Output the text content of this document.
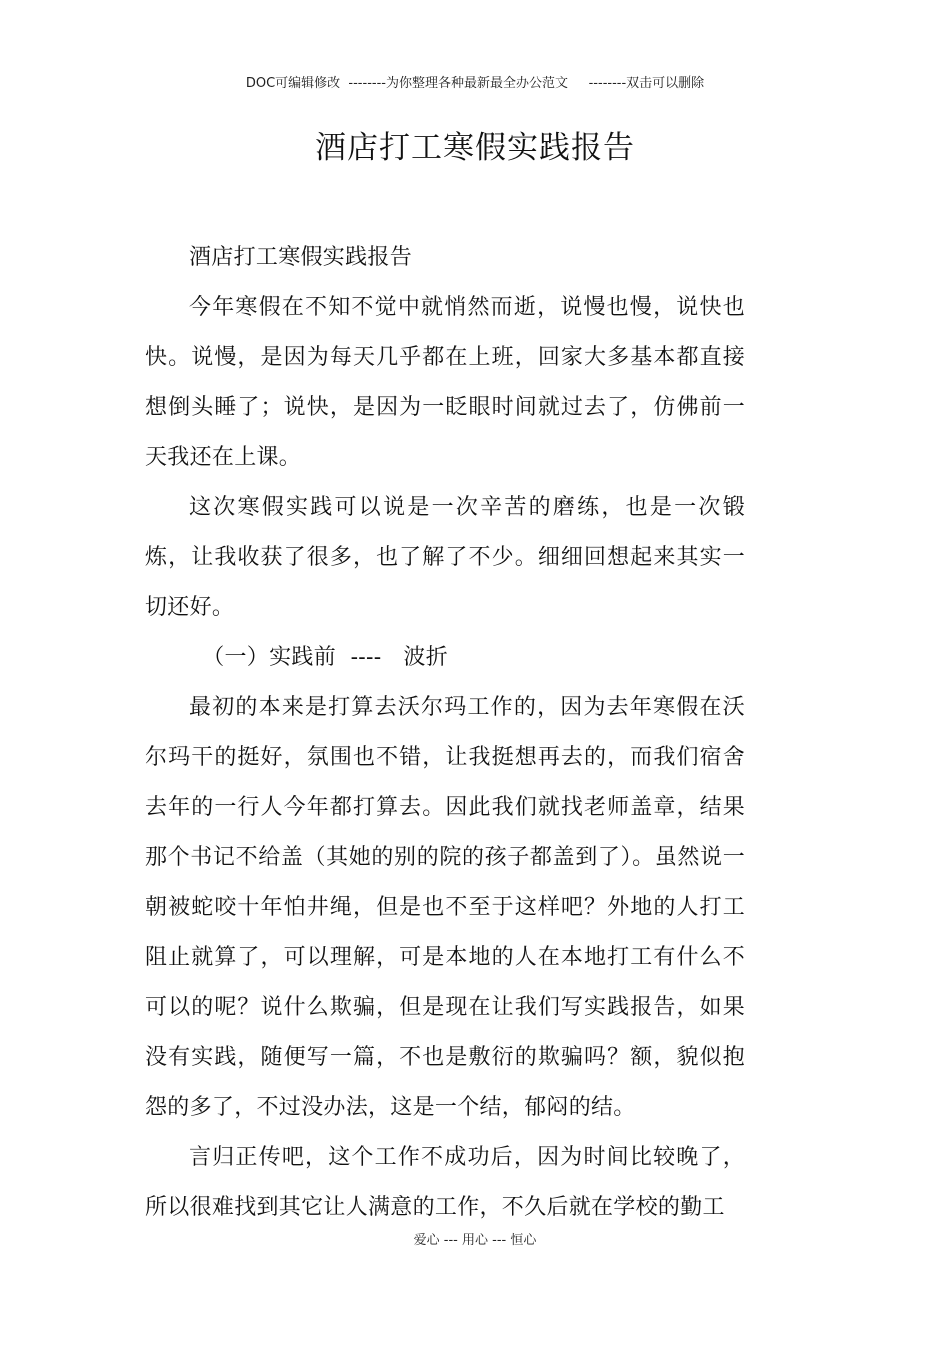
DOC可编辑修改  --------为你整理各种最新最全办公范文     --------双击可以删除
酒店打工寒假实践报告

酒店打工寒假实践报告

今年寒假在不知不觉中就悄然而逝，说慢也慢，说快也快。说慢，是因为每天几乎都在上班，回家大多基本都直接想倒头睡了；说快，是因为一眨眼时间就过去了，仿佛前一天我还在上课。

这次寒假实践可以说是一次辛苦的磨练，也是一次锻炼，让我收获了很多，也了解了不少。细细回想起来其实一切还好。

（一）实践前  ----   波折

最初的本来是打算去沃尔玛工作的，因为去年寒假在沃尔玛干的挺好，氛围也不错，让我挺想再去的，而我们宿舍去年的一行人今年都打算去。因此我们就找老师盖章，结果那个书记不给盖（其她的别的院的孩子都盖到了）。虽然说一朝被蛇咬十年怕井绳，但是也不至于这样吧？外地的人打工阻止就算了，可以理解，可是本地的人在本地打工有什么不可以的呢？说什么欺骗，但是现在让我们写实践报告，如果没有实践，随便写一篇，不也是敷衍的欺骗吗？额，貌似抱怨的多了，不过没办法，这是一个结，郁闷的结。

言归正传吧，这个工作不成功后，因为时间比较晚了，所以很难找到其它让人满意的工作，不久后就在学校的勤工

爱心 --- 用心 --- 恒心
